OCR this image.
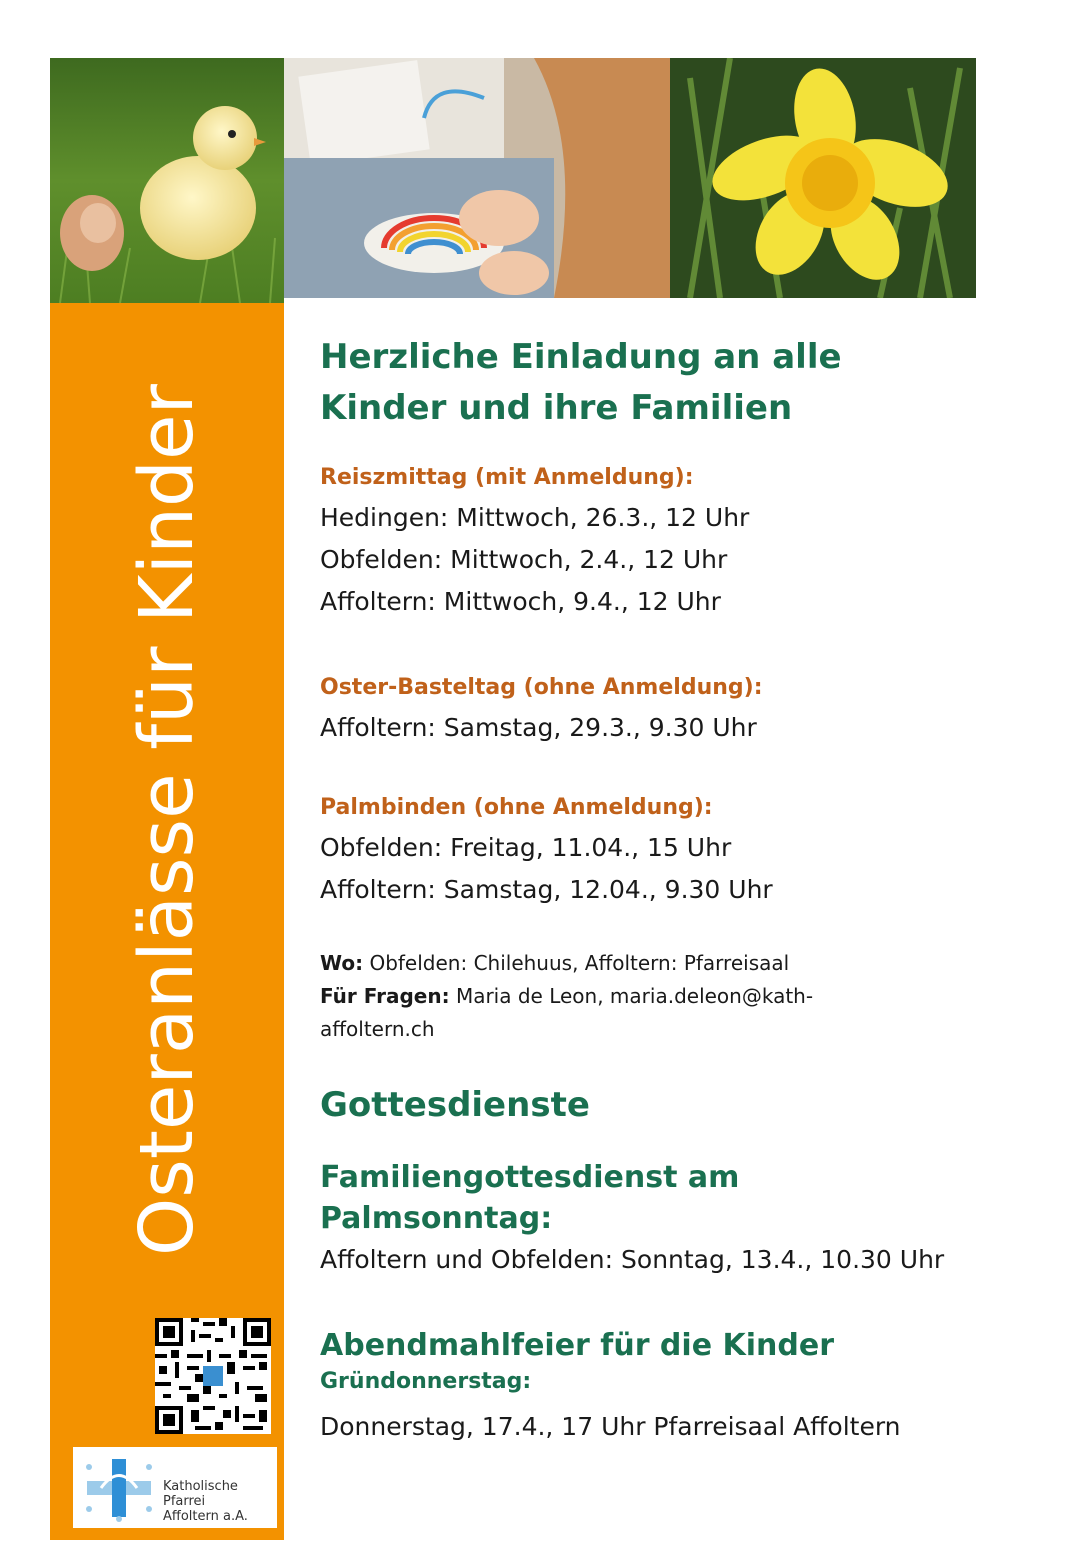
Osteranlässe für Kinder
Katholische Pfarrei
Affoltern a.A.
Herzliche Einladung an alle
Kinder und ihre Familien
Reiszmittag (mit Anmeldung):
Hedingen: Mittwoch, 26.3., 12 Uhr
Obfelden: Mittwoch, 2.4., 12 Uhr
Affoltern: Mittwoch, 9.4., 12 Uhr
Oster-Basteltag (ohne Anmeldung):
Affoltern: Samstag, 29.3., 9.30 Uhr
Palmbinden (ohne Anmeldung):
Obfelden: Freitag, 11.04., 15 Uhr
Affoltern: Samstag, 12.04., 9.30 Uhr
Wo: Obfelden: Chilehuus, Affoltern: Pfarreisaal
Für Fragen: Maria de Leon, maria.deleon@kath-
affoltern.ch
Gottesdienste
Familiengottesdienst am
Palmsonntag:
Affoltern und Obfelden: Sonntag, 13.4., 10.30 Uhr
Abendmahlfeier für die Kinder
Gründonnerstag:
Donnerstag, 17.4., 17 Uhr Pfarreisaal Affoltern
